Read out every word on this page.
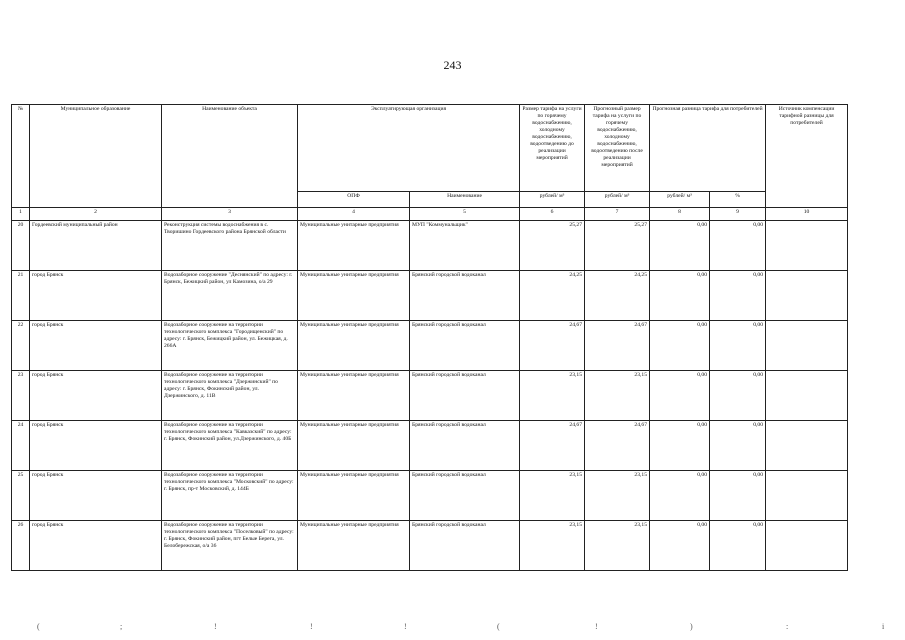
243
№	Муниципальное образование	Наименование объекта	Эксплуатирующая организация		Размер тарифа на услуги по горячему водоснабжению, холодному водоснабжению, водоотведению до реализации мероприятий	Прогнозный размер тарифа на услуги по горячему водоснабжению, холодному водоснабжению, водоотведению после реализации мероприятий	Прогнозная разница тарифа для потребителей		Источник компенсации тарифной разницы для потребителей
			ОПФ	Наименование	рублей/ м³	рублей/ м³	рублей/ м³	%	
1	2	3	4	5	6	7	8	9	10
20	Гордеевский муниципальный район	Реконструкция системы водоснабжения в с. Творишино Гордеевского района Брянской области	Муниципальные унитарные предприятия	МУП "Коммунальщик"	25,27	25,27	0,00	0,00	
21	город Брянск	Водозаборное сооружение "Деснянский" по адресу: г. Брянск, Бежицкий район, ул Камозина, о/а 29	Муниципальные унитарные предприятия	Брянский городской водоканал	24,25	24,25	0,00	0,00	
22	город Брянск	Водозаборное сооружение на территории технологического комплекса "Городищенский" по адресу: г. Брянск, Бежицкий район, ул. Бежицкая, д. 266А	Муниципальные унитарные предприятия	Брянский городской водоканал	24,67	24,67	0,00	0,00	
23	город Брянск	Водозаборное сооружение на территории технологического комплекса "Дзержинский" по адресу: г. Брянск, Фокинский район, ул. Дзержинского, д. 11В	Муниципальные унитарные предприятия	Брянский городской водоканал	23,15	23,15	0,00	0,00	
24	город Брянск	Водозаборное сооружение на территории технологического комплекса "Кавказский" по адресу: г. Брянск, Фокинский район, ул.Дзержинского, д. 40Б	Муниципальные унитарные предприятия	Брянский городской водоканал	24,67	24,67	0,00	0,00	
25	город Брянск	Водозаборное сооружение на территории технологического комплекса "Московский" по адресу: г. Брянск, пр-т Московский, д. 144Б	Муниципальные унитарные предприятия	Брянский городской водоканал	23,15	23,15	0,00	0,00	
26	город Брянск	Водозаборное сооружение на территории технологического комплекса "Поселковый" по адресу: г. Брянск, Фокинский район, пгт Белые Берега, ул. Белобережская, о/а 36	Муниципальные унитарные предприятия	Брянский городской водоканал	23,15	23,15	0,00	0,00	
(	;	!	!	!	(	!	)	:	i
